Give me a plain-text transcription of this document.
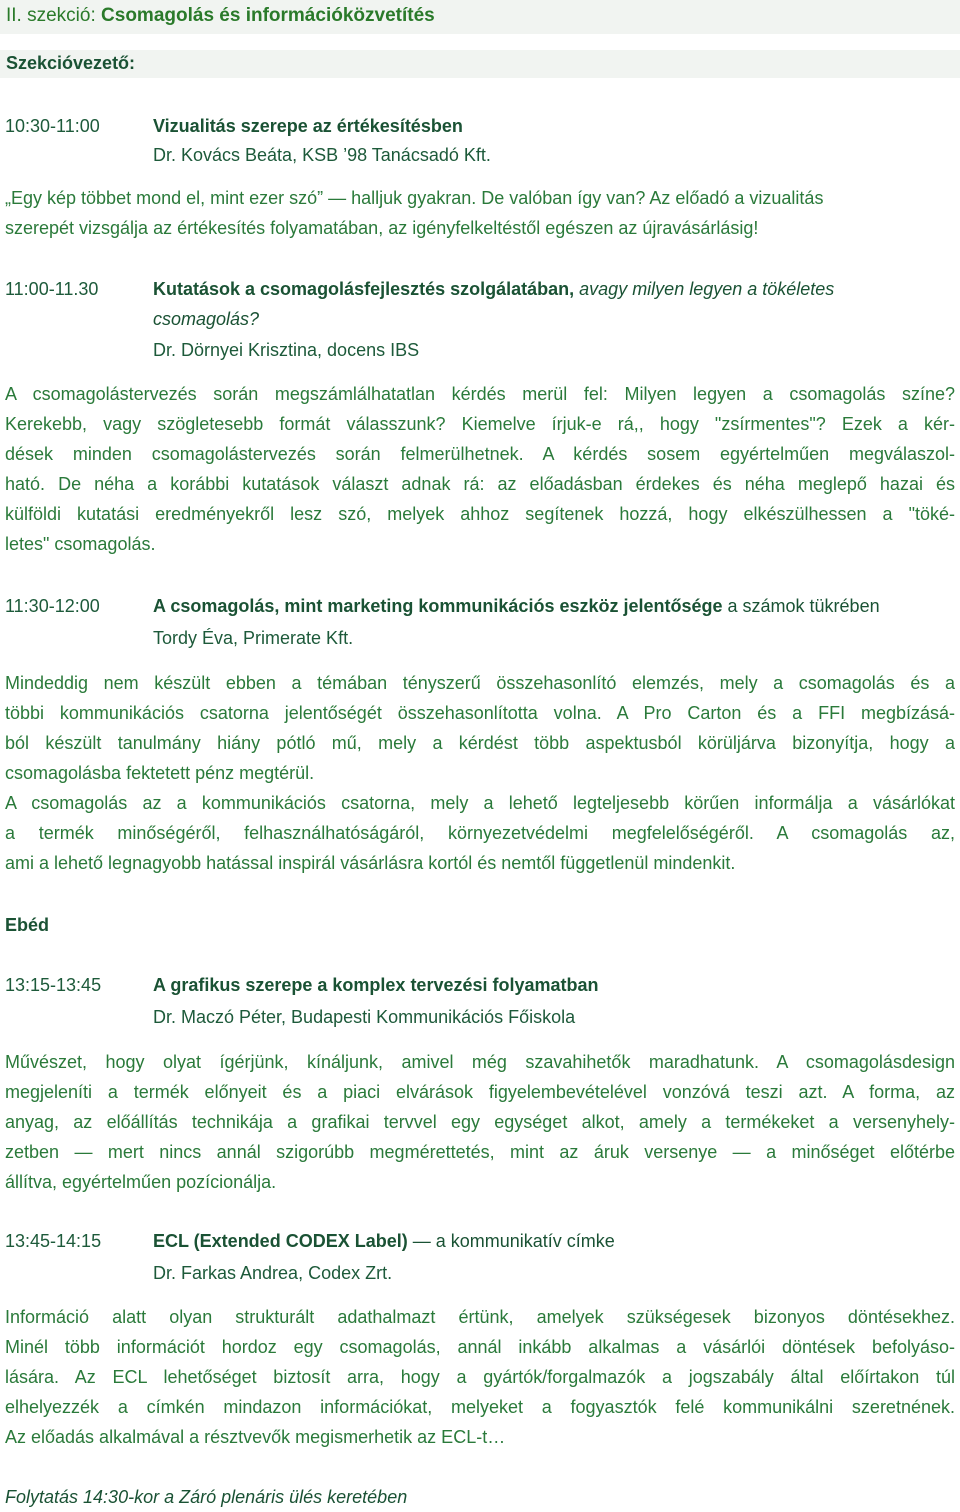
II. szekció: Csomagolás és információközvetítés
Szekcióvezető:
10:30-11:00	Vizualitás szerepe az értékesítésben
Dr. Kovács Beáta, KSB ’98 Tanácsadó Kft.
„Egy kép többet mond el, mint ezer szó” — halljuk gyakran. De valóban így van? Az előadó a vizualitás
szerepét vizsgálja az értékesítés folyamatában, az igényfelkeltéstől egészen az újravásárlásig!
11:00-11.30	Kutatások a csomagolásfejlesztés szolgálatában, avagy milyen legyen a tökéletes
csomagolás?
Dr. Dörnyei Krisztina, docens IBS
A csomagolástervezés során megszámlálhatatlan kérdés merül fel: Milyen legyen a csomagolás színe?
Kerekebb, vagy szögletesebb formát válasszunk? Kiemelve írjuk-e rá,, hogy "zsírmentes"? Ezek a kér-
dések minden csomagolástervezés során felmerülhetnek. A kérdés sosem egyértelműen megválaszol-
ható. De néha a korábbi kutatások választ adnak rá: az előadásban érdekes és néha meglepő hazai és
külföldi kutatási eredményekről lesz szó, melyek ahhoz segítenek hozzá, hogy elkészülhessen a "töké-
letes" csomagolás.
11:30-12:00	A csomagolás, mint marketing kommunikációs eszköz jelentősége a számok tükrében
Tordy Éva, Primerate Kft.
Mindeddig nem készült ebben a témában tényszerű összehasonlító elemzés, mely a csomagolás és a
többi kommunikációs csatorna jelentőségét összehasonlította volna. A Pro Carton és a FFI megbízásá-
ból készült tanulmány hiány pótló mű, mely a kérdést több aspektusból körüljárva bizonyítja, hogy a
csomagolásba fektetett pénz megtérül.
A csomagolás az a kommunikációs csatorna, mely a lehető legteljesebb körűen informálja a vásárlókat
a termék minőségéről, felhasználhatóságáról, környezetvédelmi megfelelőségéről. A csomagolás az,
ami a lehető legnagyobb hatással inspirál vásárlásra kortól és nemtől függetlenül mindenkit.
Ebéd
13:15-13:45	A grafikus szerepe a komplex tervezési folyamatban
Dr. Maczó Péter, Budapesti Kommunikációs Főiskola
Művészet, hogy olyat ígérjünk, kínáljunk, amivel még szavahihetők maradhatunk. A csomagolásdesign
megjeleníti a termék előnyeit és a piaci elvárások figyelembevételével vonzóvá teszi azt. A forma, az
anyag, az előállítás technikája a grafikai tervvel egy egységet alkot, amely a termékeket a versenyhely-
zetben — mert nincs annál szigorúbb megmérettetés, mint az áruk versenye — a minőséget előtérbe
állítva, egyértelműen pozícionálja.
13:45-14:15	ECL (Extended CODEX Label) — a kommunikatív címke
Dr. Farkas Andrea, Codex Zrt.
Információ alatt olyan strukturált adathalmazt értünk, amelyek szükségesek bizonyos döntésekhez.
Minél több információt hordoz egy csomagolás, annál inkább alkalmas a vásárlói döntések befolyáso-
lására. Az ECL lehetőséget biztosít arra, hogy a gyártók/forgalmazók a jogszabály által előírtakon túl
elhelyezzék a címkén mindazon információkat, melyeket a fogyasztók felé kommunikálni szeretnének.
Az előadás alkalmával a résztvevők megismerhetik az ECL-t…
Folytatás 14:30-kor a Záró plenáris ülés keretében
